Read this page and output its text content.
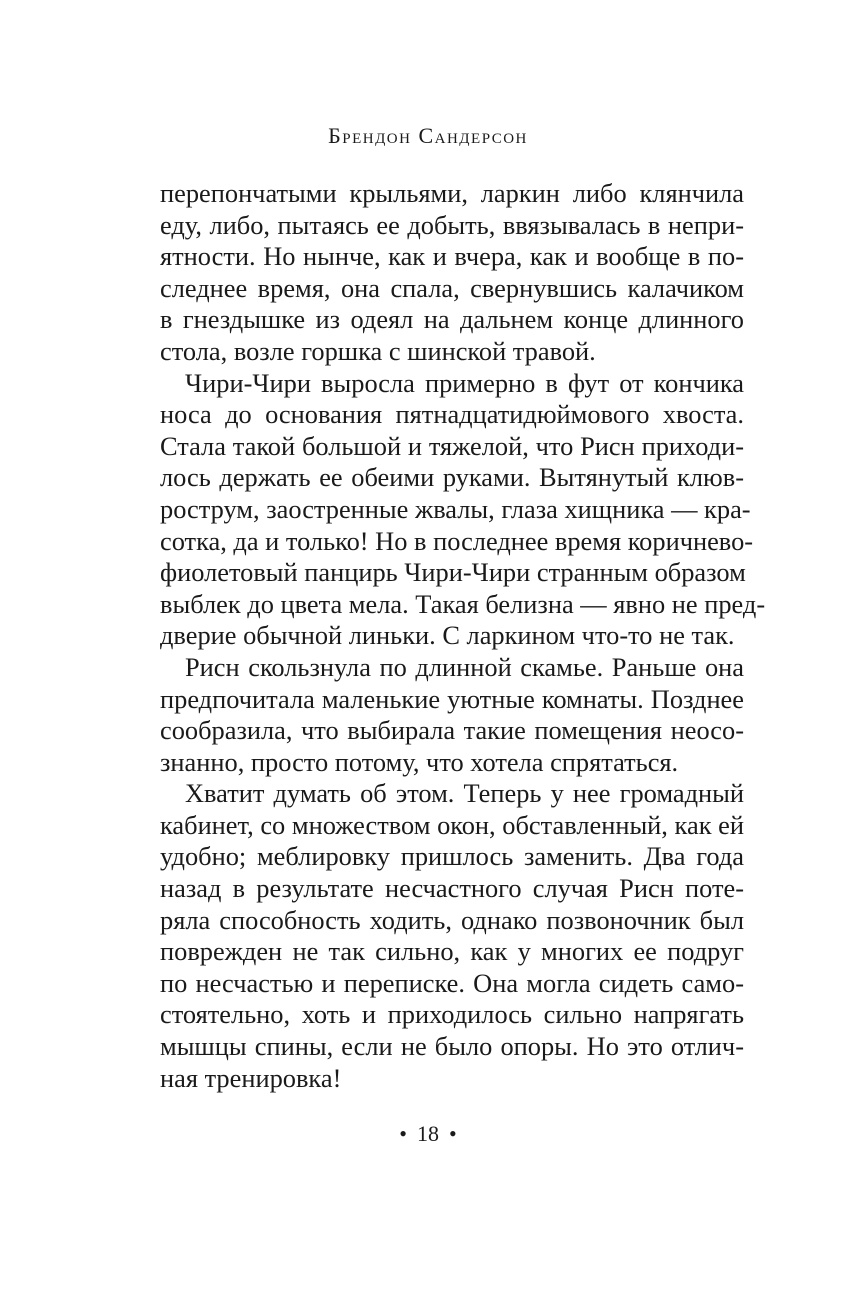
Брендон Сандерсон
перепончатыми крыльями, ларкин либо клянчила
еду, либо, пытаясь ее добыть, ввязывалась в непри-
ятности. Но нынче, как и вчера, как и вообще в по-
следнее время, она спала, свернувшись калачиком
в гнездышке из одеял на дальнем конце длинного
стола, возле горшка с шинской травой.
Чири-Чири выросла примерно в фут от кончика
носа до основания пятнадцатидюймового хвоста.
Стала такой большой и тяжелой, что Рисн приходи-
лось держать ее обеими руками. Вытянутый клюв-
рострум, заостренные жвалы, глаза хищника — кра-
сотка, да и только! Но в последнее время коричнево-
фиолетовый панцирь Чири-Чири странным образом
выблек до цвета мела. Такая белизна — явно не пред-
дверие обычной линьки. С ларкином что-то не так.
Рисн скользнула по длинной скамье. Раньше она
предпочитала маленькие уютные комнаты. Позднее
сообразила, что выбирала такие помещения неосо-
знанно, просто потому, что хотела спрятаться.
Хватит думать об этом. Теперь у нее громадный
кабинет, со множеством окон, обставленный, как ей
удобно; меблировку пришлось заменить. Два года
назад в результате несчастного случая Рисн поте-
ряла способность ходить, однако позвоночник был
поврежден не так сильно, как у многих ее подруг
по несчастью и переписке. Она могла сидеть само-
стоятельно, хоть и приходилось сильно напрягать
мышцы спины, если не было опоры. Но это отлич-
ная тренировка!
• 18 •
